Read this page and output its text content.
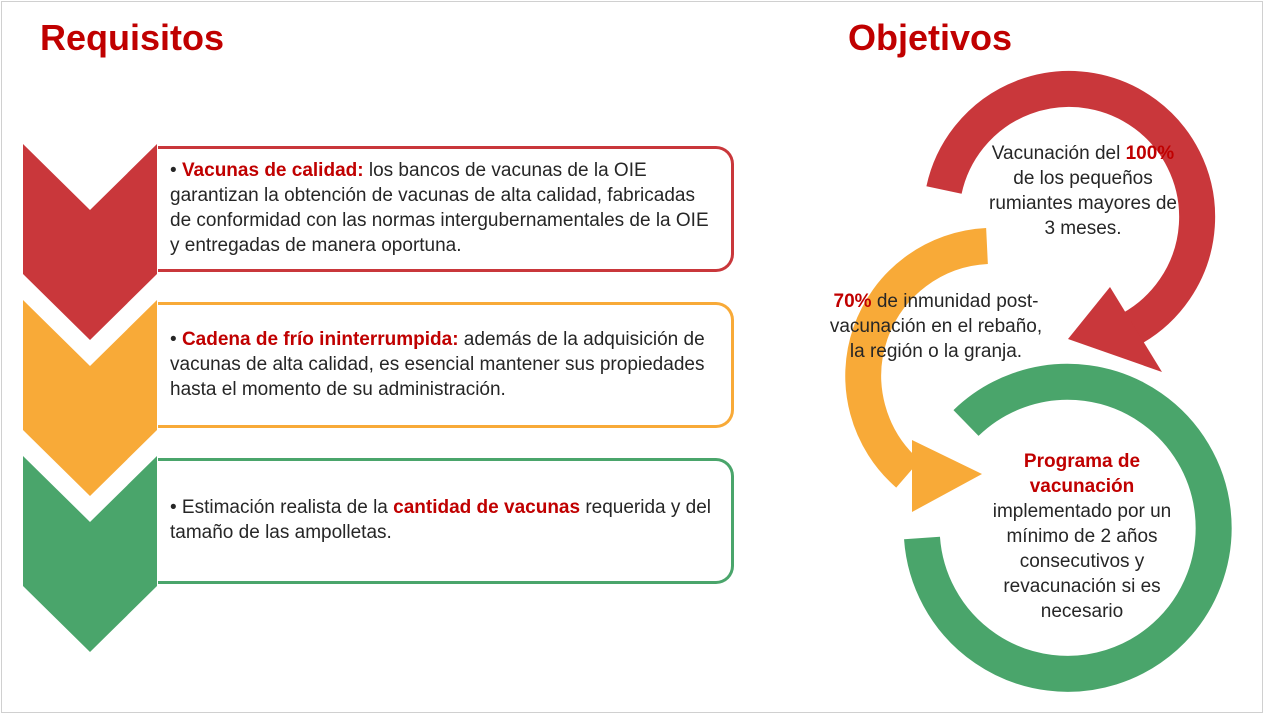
Requisitos	Objetivos

• Vacunas de calidad: los bancos de vacunas de la OIE garantizan la obtención de vacunas de alta calidad, fabricadas de conformidad con las normas intergubernamentales de la OIE y entregadas de manera oportuna.

• Cadena de frío ininterrumpida: además de la adquisición de vacunas de alta calidad, es esencial mantener sus propiedades hasta el momento de su administración.

• Estimación realista de la cantidad de vacunas requerida y del tamaño de las ampolletas.

Vacunación del 100% de los pequeños rumiantes mayores de 3 meses.

70% de inmunidad post- vacunación en el rebaño, la región o la granja.

Programa de vacunación implementado por un mínimo de 2 años consecutivos y revacunación si es necesario
